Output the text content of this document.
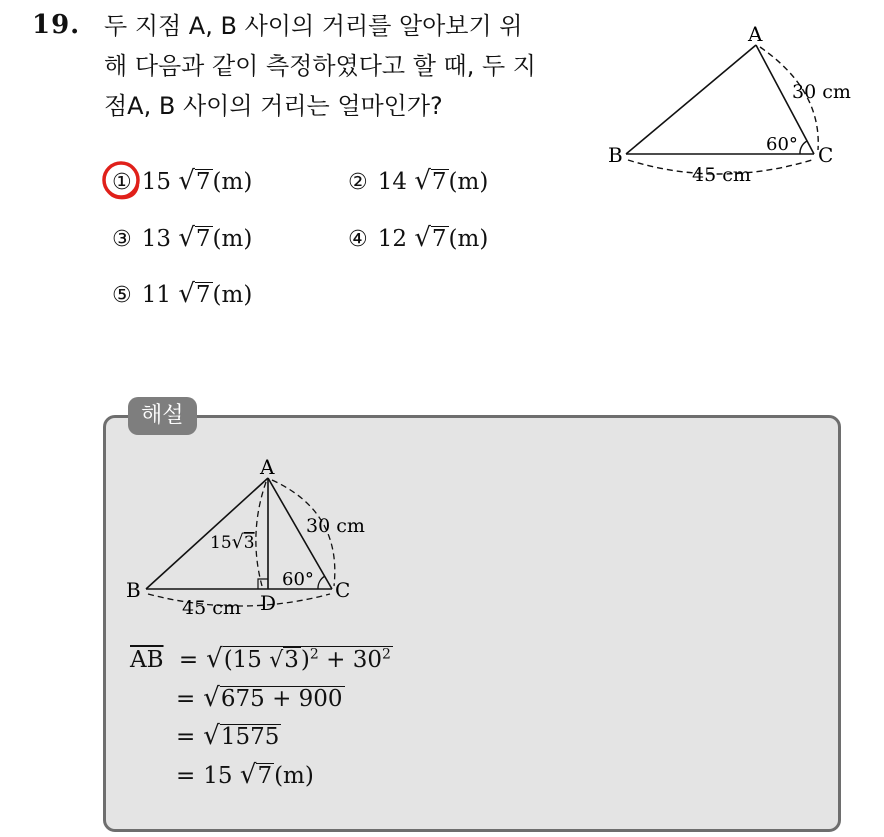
19. 두 지점 A, B 사이의 거리를 알아보기 위
해 다음과 같이 측정하였다고 할 때, 두 지
점A, B 사이의 거리는 얼마인가?
A
B	C
30 cm
45 cm
60°
① 15 √7(m)	② 14 √7(m)
③ 13 √7(m)	④ 12 √7(m)
⑤ 11 √7(m)
해설
A
B	C
D
30 cm
45 cm
60°
15√3
$\overline{AB} = √(15$ $√3)^2 + 30^2$
= √675 + 900
= √1575
= 15 √7(m)
